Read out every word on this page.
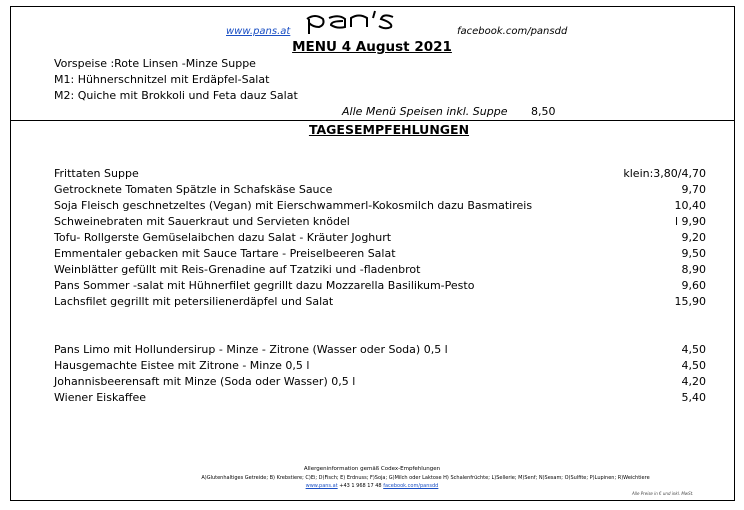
www.pans.at	facebook.com/pansdd
MENU 4 August 2021
Vorspeise :Rote Linsen -Minze Suppe
M1: Hühnerschnitzel mit Erdäpfel-Salat
M2: Quiche mit Brokkoli und Feta dauz Salat
Alle Menü Speisen inkl. Suppe 8,50
TAGESEMPFEHLUNGEN
Frittaten Suppe	klein:3,80/4,70
Getrocknete Tomaten Spätzle in Schafskäse Sauce	9,70
Soja Fleisch geschnetzeltes (Vegan) mit Eierschwammerl-Kokosmilch dazu Basmatireis	10,40
Schweinebraten mit Sauerkraut und Servieten knödel	l 9,90
Tofu- Rollgerste Gemüselaibchen dazu Salat - Kräuter Joghurt	9,20
Emmentaler gebacken mit Sauce Tartare - Preiselbeeren Salat	9,50
Weinblätter gefüllt mit Reis-Grenadine auf Tzatziki und -fladenbrot	8,90
Pans Sommer -salat mit Hühnerfilet gegrillt dazu Mozzarella Basilikum-Pesto	9,60
Lachsfilet gegrillt mit petersilienerdäpfel und Salat	15,90
Pans Limo mit Hollundersirup - Minze - Zitrone (Wasser oder Soda) 0,5 l	4,50
Hausgemachte Eistee mit Zitrone - Minze 0,5 l	4,50
Johannisbeerensaft mit Minze (Soda oder Wasser) 0,5 l	4,20
Wiener Eiskaffee	5,40
Allergeninformation gemäß Codex-Empfehlungen
A)Glutenhaltiges Getreide; B) Krebstiere; C)Ei; D)Fisch; E) Erdnuss; F)Soja; G)Milch oder Laktose H) Schalenfrüchte; L)Sellerie; M)Senf; N)Sesam; O)Sulfite; P)Lupinen; R)Weichtiere
www.pans.at +43 1 968 17 48 facebook.com/pansdd
Alle Preise in € und inkl. MwSt.
